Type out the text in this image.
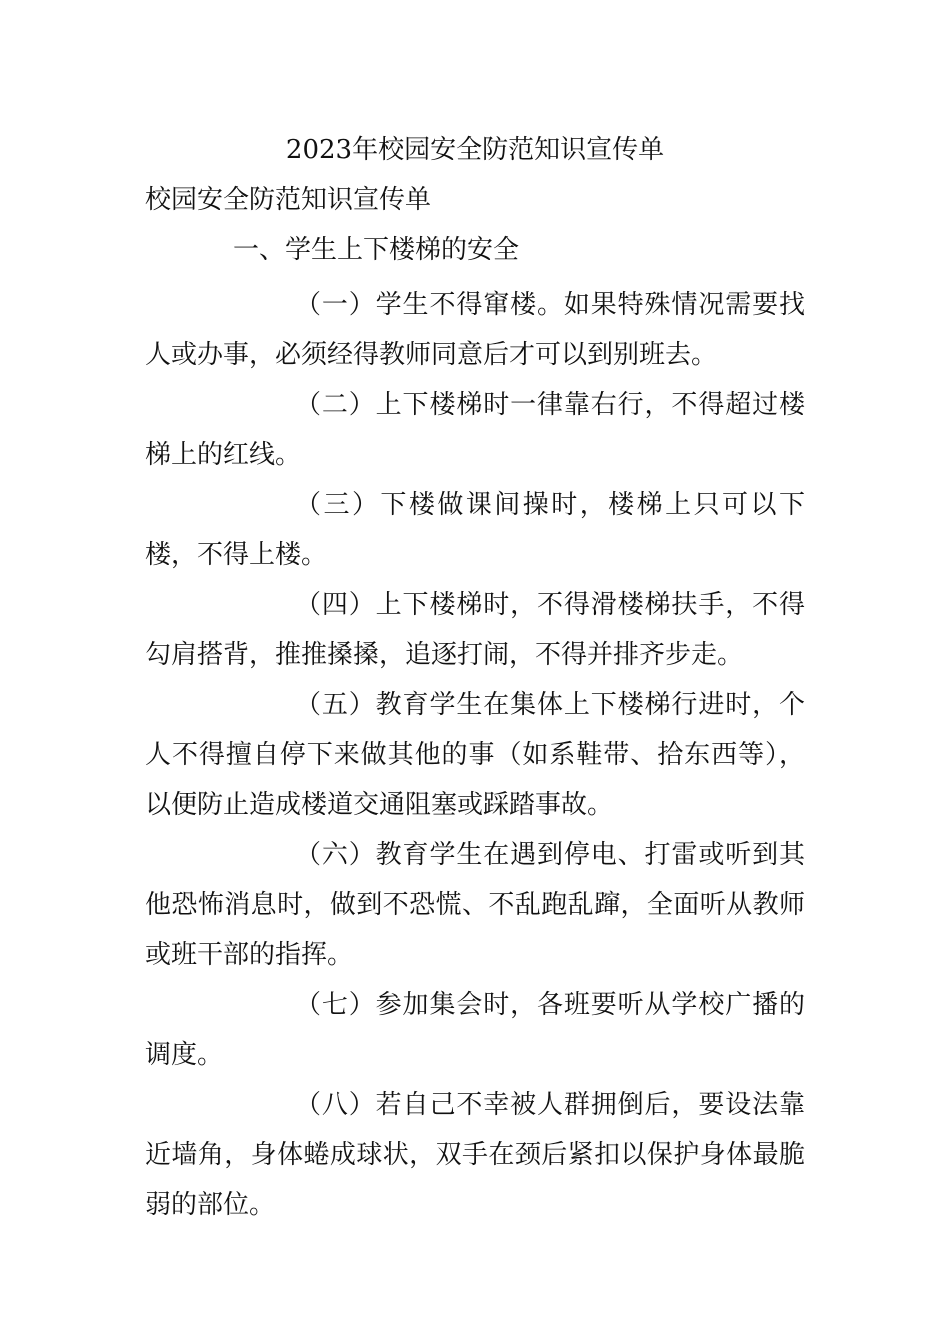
2023年校园安全防范知识宣传单
校园安全防范知识宣传单
一、学生上下楼梯的安全

（一）学生不得窜楼。如果特殊情况需要找人或办事，必须经得教师同意后才可以到别班去。

（二）上下楼梯时一律靠右行，不得超过楼梯上的红线。

（三）下楼做课间操时，楼梯上只可以下楼，不得上楼。

（四）上下楼梯时，不得滑楼梯扶手，不得勾肩搭背，推推搡搡，追逐打闹，不得并排齐步走。

（五）教育学生在集体上下楼梯行进时，个人不得擅自停下来做其他的事（如系鞋带、拾东西等），以便防止造成楼道交通阻塞或踩踏事故。

（六）教育学生在遇到停电、打雷或听到其他恐怖消息时，做到不恐慌、不乱跑乱蹿，全面听从教师或班干部的指挥。

（七）参加集会时，各班要听从学校广播的调度。

（八）若自己不幸被人群拥倒后，要设法靠近墙角，身体蜷成球状，双手在颈后紧扣以保护身体最脆弱的部位。
